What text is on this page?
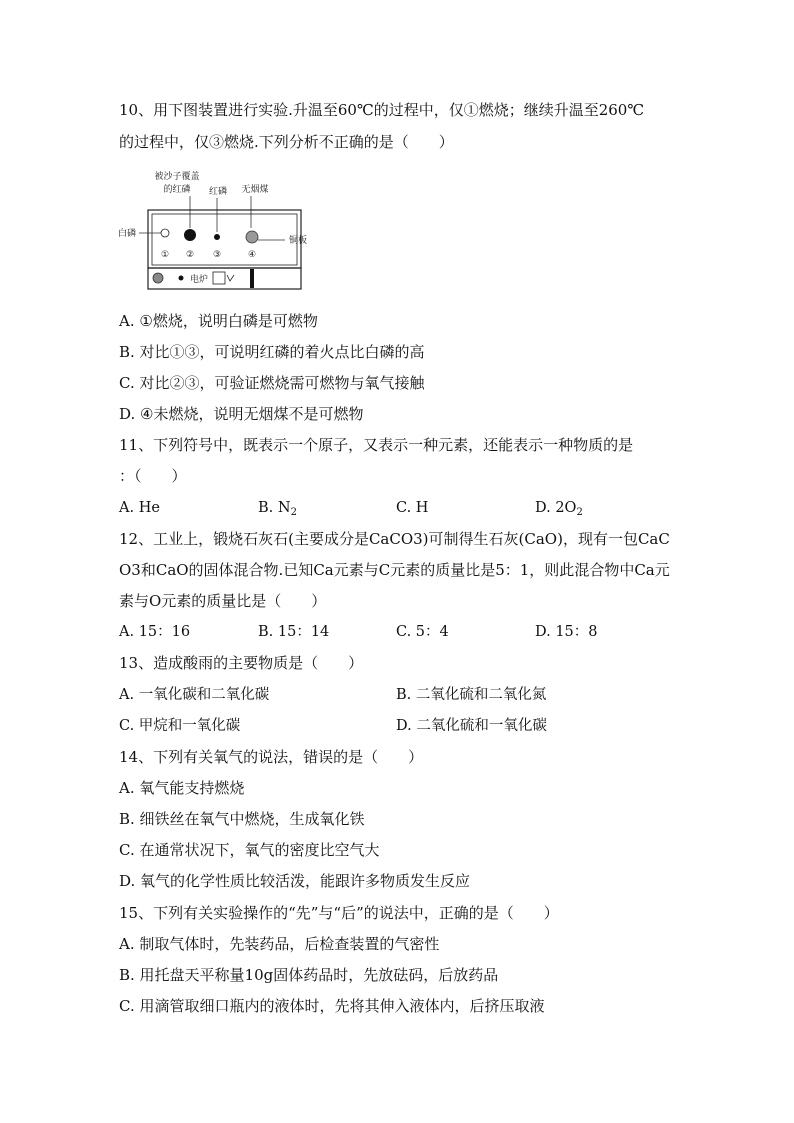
10、用下图装置进行实验.升温至60℃的过程中，仅①燃烧；继续升温至260℃
的过程中，仅③燃烧.下列分析不正确的是（　　）
被沙子覆盖
的红磷 红磷 无烟煤
白磷
铜板
① ② ③	④
电炉
A. ①燃烧，说明白磷是可燃物
B. 对比①③，可说明红磷的着火点比白磷的高
C. 对比②③，可验证燃烧需可燃物与氧气接触
D. ④未燃烧，说明无烟煤不是可燃物
11、下列符号中，既表示一个原子，又表示一种元素，还能表示一种物质的是
：（　　）
A. He	B. $N_2$	C. H	D. $2O_2$
12、工业上，锻烧石灰石(主要成分是CaCO3)可制得生石灰(CaO)，现有一包CaC
O3和CaO的固体混合物.已知Ca元素与C元素的质量比是5：1，则此混合物中Ca元
素与O元素的质量比是（　　）
A. 15：16	B. 15：14	C. 5：4	D. 15：8
13、造成酸雨的主要物质是（　　）
A. 一氧化碳和二氧化碳	B. 二氧化硫和二氧化氮
C. 甲烷和一氧化碳	D. 二氧化硫和一氧化碳
14、下列有关氧气的说法，错误的是（　　）
A. 氧气能支持燃烧
B. 细铁丝在氧气中燃烧，生成氧化铁
C. 在通常状况下，氧气的密度比空气大
D. 氧气的化学性质比较活泼，能跟许多物质发生反应
15、下列有关实验操作的“先”与“后”的说法中，正确的是（　　）
A. 制取气体时，先装药品，后检查装置的气密性
B. 用托盘天平称量10g固体药品时，先放砝码，后放药品
C. 用滴管取细口瓶内的液体时，先将其伸入液体内，后挤压取液
